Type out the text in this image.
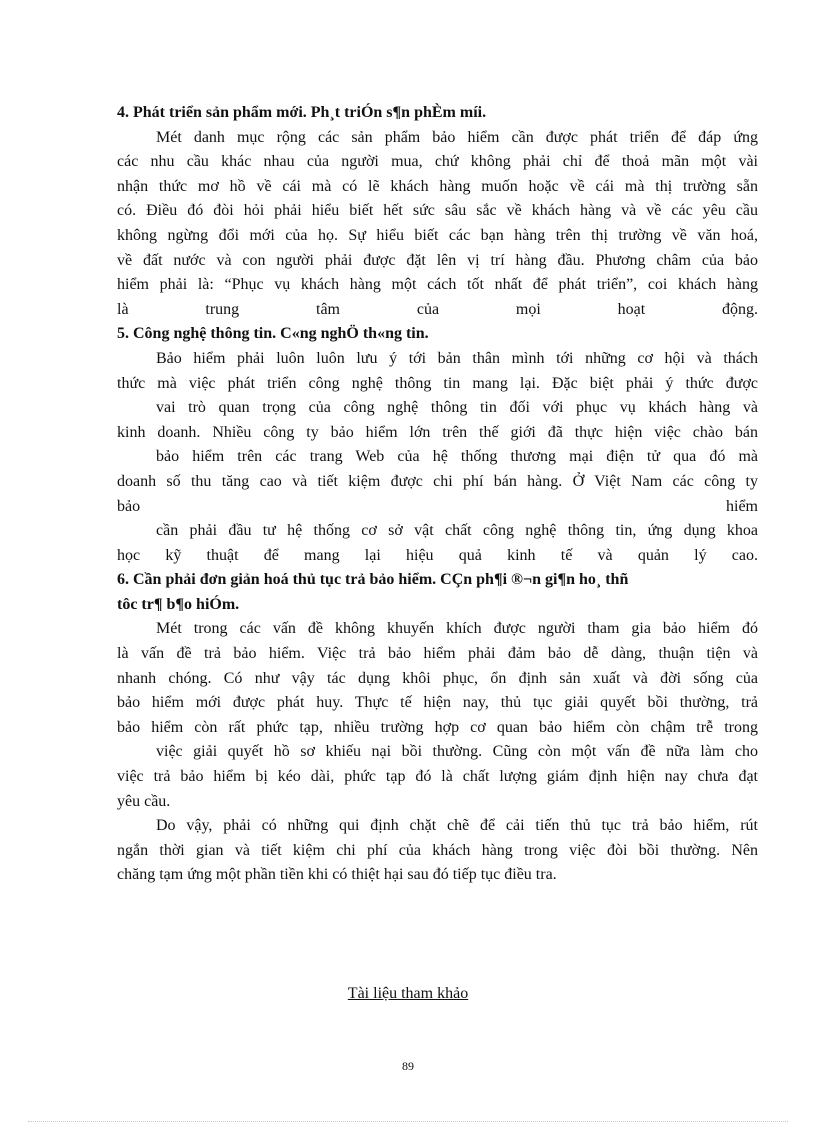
4. Phát triển sản phẩm mới. Ph¸t triÓn s¶n phÈm míi.
Mét danh mục rộng các sản phẩm bảo hiểm cần được phát triển để đáp ứng
các nhu cầu khác nhau của người mua, chứ không phải chỉ để thoả mãn một vài
nhận thức mơ hồ về cái mà có lẽ khách hàng muốn hoặc về cái mà thị trường sẵn
có. Điều đó đòi hỏi phải hiểu biết hết sức sâu sắc về khách hàng và về các yêu cầu
không ngừng đổi mới của họ. Sự hiểu biết các bạn hàng trên thị trường về văn hoá,
về đất nước và con người phải được đặt lên vị trí hàng đầu. Phương châm của bảo
hiểm phải là: “Phục vụ khách hàng một cách tốt nhất để phát triển”, coi khách hàng
là trung tâm của mọi hoạt động.
5. Công nghệ thông tin. C«ng nghÖ th«ng tin.
Bảo hiểm phải luôn luôn lưu ý tới bản thân mình tới những cơ hội và thách
thức mà việc phát triển công nghệ thông tin mang lại. Đặc biệt phải ý thức được
vai trò quan trọng của công nghệ thông tin đối với phục vụ khách hàng và
kinh doanh. Nhiều công ty bảo hiểm lớn trên thế giới đã thực hiện việc chào bán
bảo hiểm trên các trang Web của hệ thống thương mại điện tử qua đó mà
doanh số thu tăng cao và tiết kiệm được chi phí bán hàng. Ở Việt Nam các công ty
bảo hiểm
cần phải đầu tư hệ thống cơ sở vật chất công nghệ thông tin, ứng dụng khoa
học kỹ thuật để mang lại hiệu quả kinh tế và quản lý cao.
6. Cần phải đơn giản hoá thủ tục trả bảo hiểm. CÇn ph¶i ®¬n gi¶n ho¸ thñ
tôc tr¶ b¶o hiÓm.
Mét trong các vấn đề không khuyến khích được người tham gia bảo hiểm đó
là vấn đề trả bảo hiểm. Việc trả bảo hiểm phải đảm bảo dễ dàng, thuận tiện và
nhanh chóng. Có như vậy tác dụng khôi phục, ổn định sản xuất và đời sống của
bảo hiểm mới được phát huy. Thực tế hiện nay, thủ tục giải quyết bồi thường, trả
bảo hiểm còn rất phức tạp, nhiều trường hợp cơ quan bảo hiểm còn chậm trễ trong
việc giải quyết hồ sơ khiếu nại bồi thường. Cũng còn một vấn đề nữa làm cho
việc trả bảo hiểm bị kéo dài, phức tạp đó là chất lượng giám định hiện nay chưa đạt
yêu cầu.
Do vậy, phải có những qui định chặt chẽ để cải tiến thủ tục trả bảo hiểm, rút
ngắn thời gian và tiết kiệm chi phí của khách hàng trong việc đòi bồi thường. Nên
chăng tạm ứng một phần tiền khi có thiệt hại sau đó tiếp tục điều tra.
Tài liệu tham khảo
89
